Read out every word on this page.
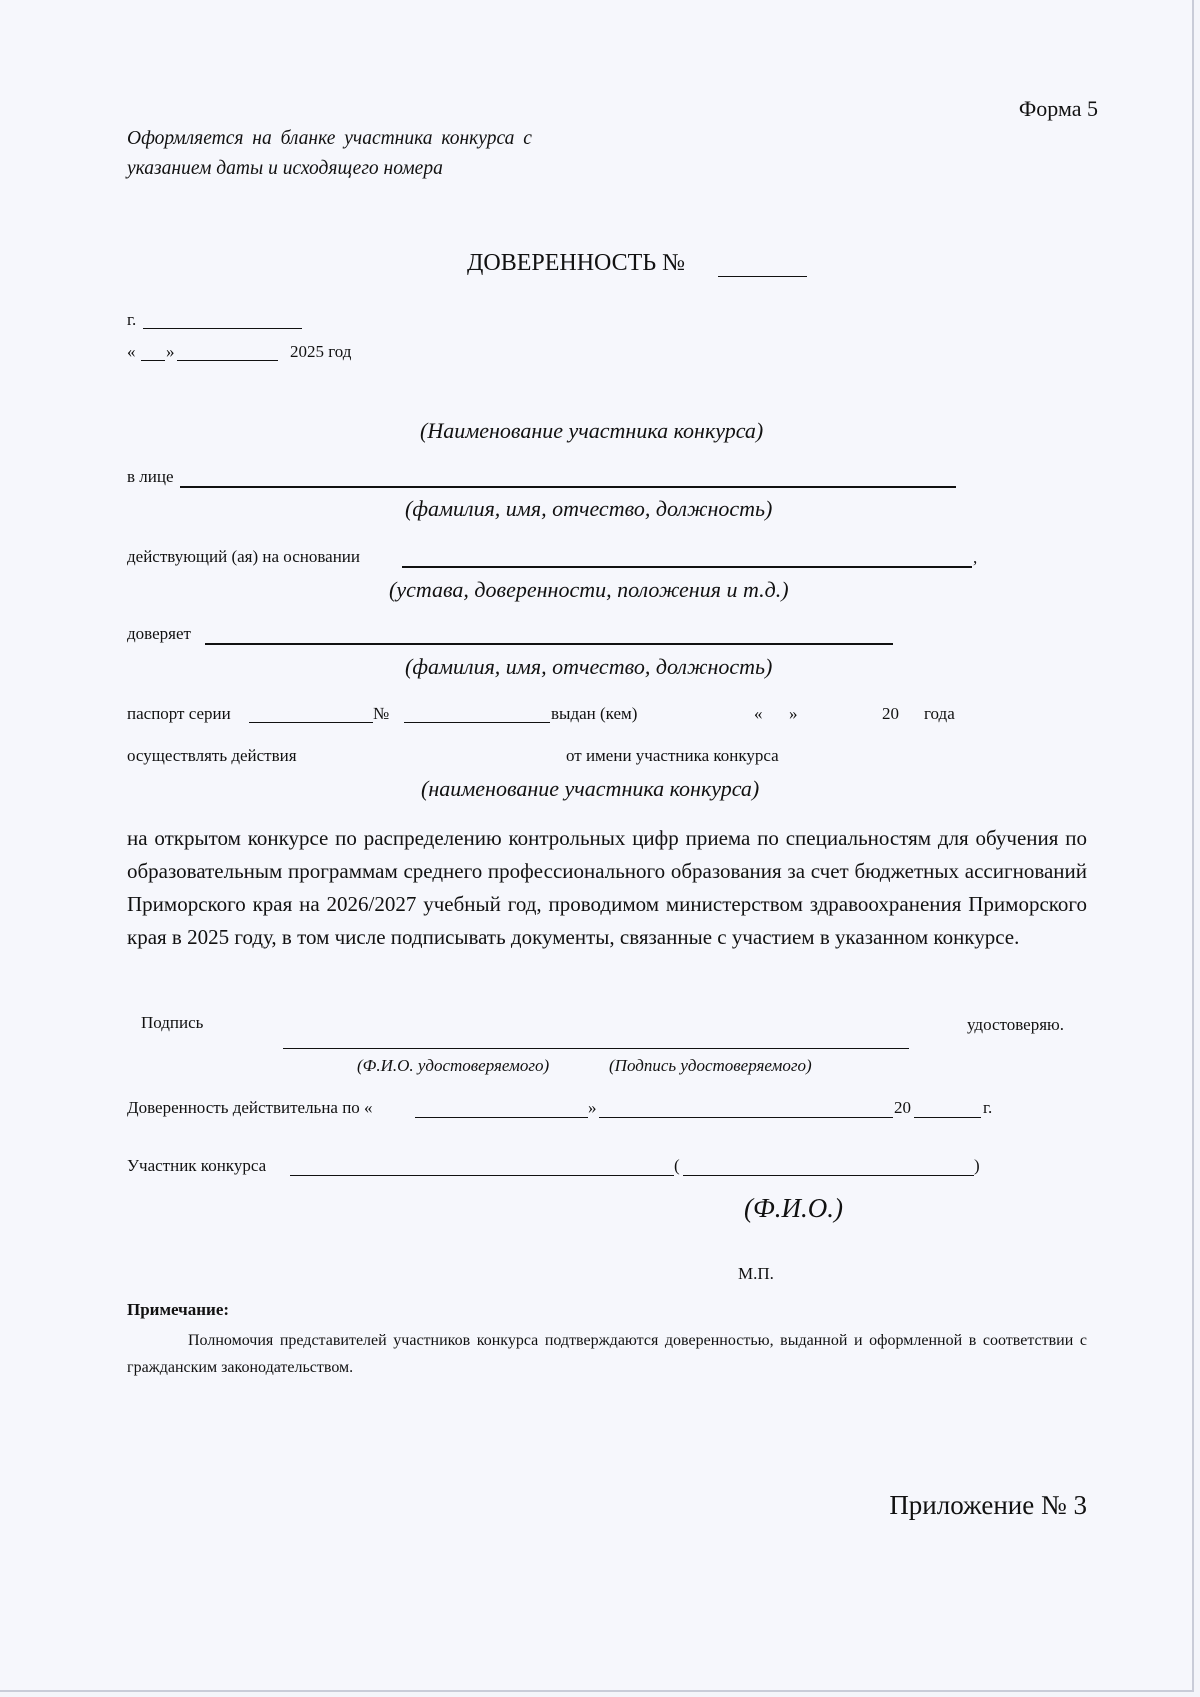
Форма 5
Оформляется на бланке участника конкурса с
указанием даты и исходящего номера
ДОВЕРЕННОСТЬ №
г.
« »	2025 год
(Наименование участника конкурса)
в лице
(фамилия, имя, отчество, должность)
действующий (ая) на основании	,
(устава, доверенности, положения и т.д.)
доверяет
(фамилия, имя, отчество, должность)
паспорт серии	№	выдан (кем)	« »	20 года
осуществлять действия	от имени участника конкурса
(наименование участника конкурса)
на открытом конкурсе по распределению контрольных цифр приема по специальностям для обучения по образовательным программам среднего профессионального образования за счет бюджетных ассигнований Приморского края на 2026/2027 учебный год, проводимом министерством здравоохранения Приморского края в 2025 году, в том числе подписывать документы, связанные с участием в указанном конкурсе.
Подпись	удостоверяю.
(Ф.И.О. удостоверяемого)	(Подпись удостоверяемого)
Доверенность действительна по «	»	20	г.
Участник конкурса	(	)
(Ф.И.О.)
М.П.
Примечание:
Полномочия представителей участников конкурса подтверждаются доверенностью, выданной и оформленной в соответствии с гражданским законодательством.
Приложение № 3
